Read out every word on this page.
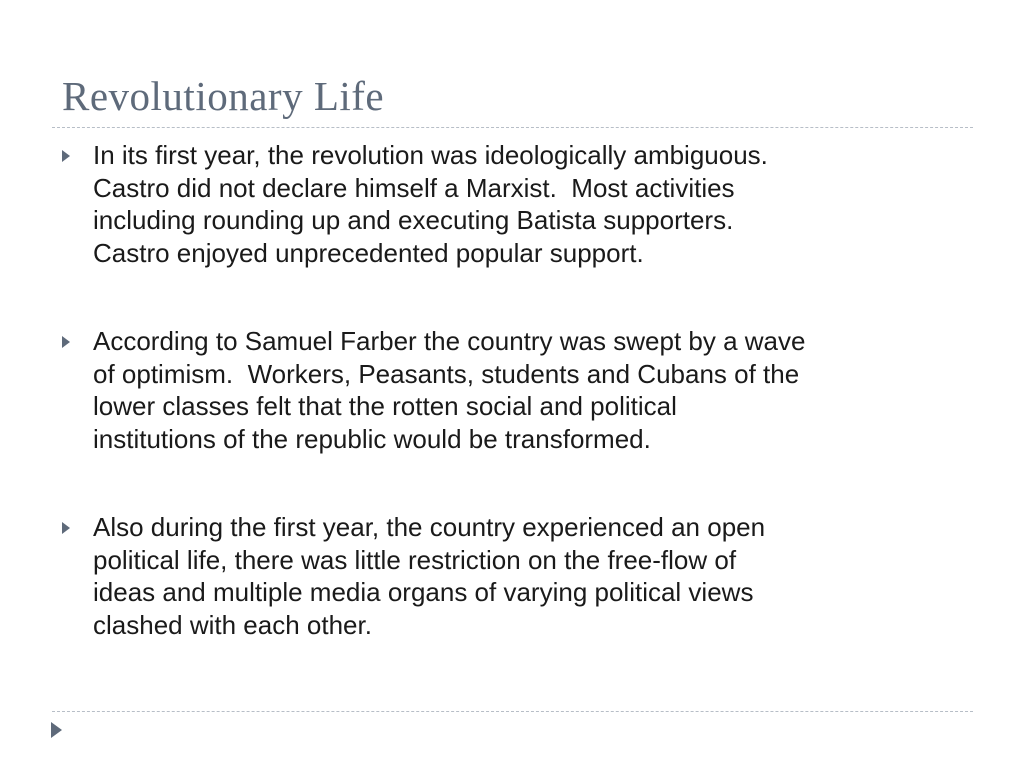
Revolutionary Life
In its first year, the revolution was ideologically ambiguous.
Castro did not declare himself a Marxist.  Most activities
including rounding up and executing Batista supporters.
Castro enjoyed unprecedented popular support.
According to Samuel Farber the country was swept by a wave
of optimism.  Workers, Peasants, students and Cubans of the
lower classes felt that the rotten social and political
institutions of the republic would be transformed.
Also during the first year, the country experienced an open
political life, there was little restriction on the free-flow of
ideas and multiple media organs of varying political views
clashed with each other.
